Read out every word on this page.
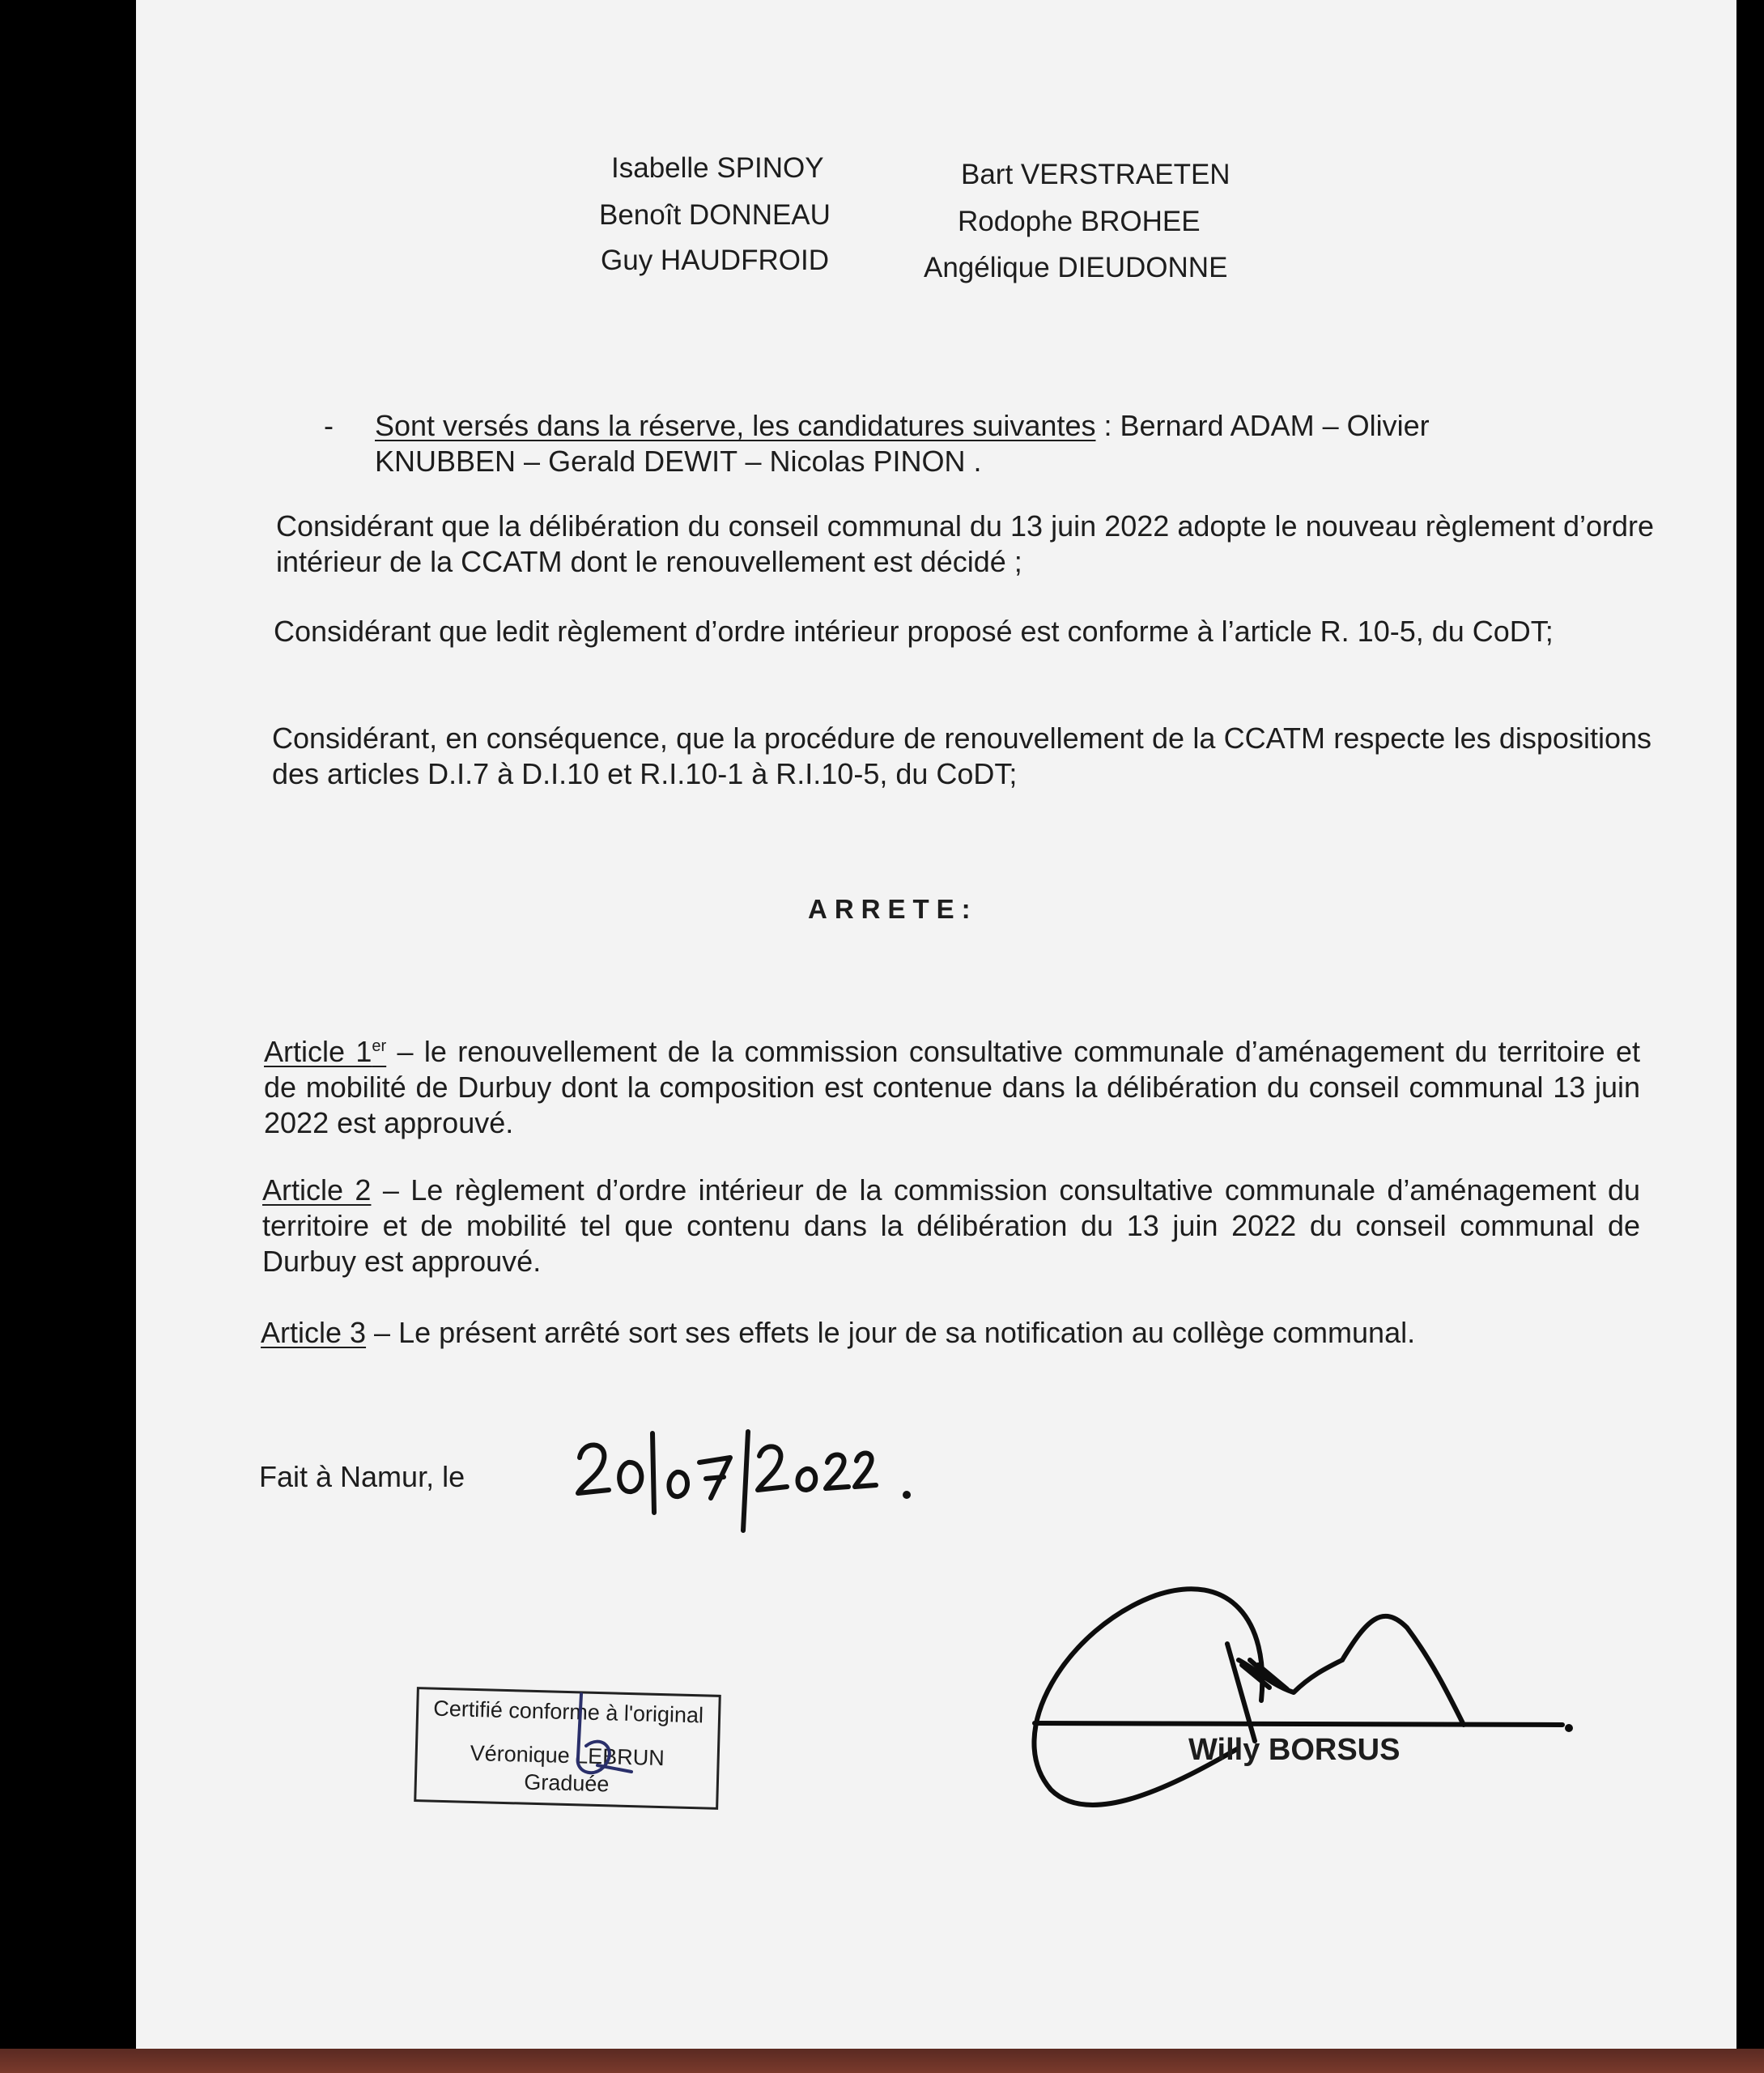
Isabelle SPINOY
Benoît DONNEAU
Guy HAUDFROID
Bart VERSTRAETEN
Rodophe BROHEE
Angélique DIEUDONNE
- Sont versés dans la réserve, les candidatures suivantes : Bernard ADAM – Olivier
KNUBBEN – Gerald DEWIT – Nicolas PINON .
Considérant que la délibération du conseil communal du 13 juin 2022 adopte le nouveau règlement d’ordre intérieur de la CCATM dont le renouvellement est décidé ;
Considérant que ledit règlement d’ordre intérieur proposé est conforme à l’article R. 10-5, du CoDT;
Considérant, en conséquence, que la procédure de renouvellement de la CCATM respecte les dispositions des articles D.I.7 à D.I.10 et R.I.10-1 à R.I.10-5, du CoDT;
ARRETE:
Article 1er – le renouvellement de la commission consultative communale d’aménagement du territoire et de mobilité de Durbuy dont la composition est contenue dans la délibération du conseil communal 13 juin 2022 est approuvé.
Article 2 – Le règlement d’ordre intérieur de la commission consultative communale d’aménagement du territoire et de mobilité tel que contenu dans la délibération du 13 juin 2022 du conseil communal de Durbuy est approuvé.
Article 3 – Le présent arrêté sort ses effets le jour de sa notification au collège communal.
Fait à Namur, le
Certifié conforme à l'original
Véronique LEBRUN
Graduée
Willy BORSUS
